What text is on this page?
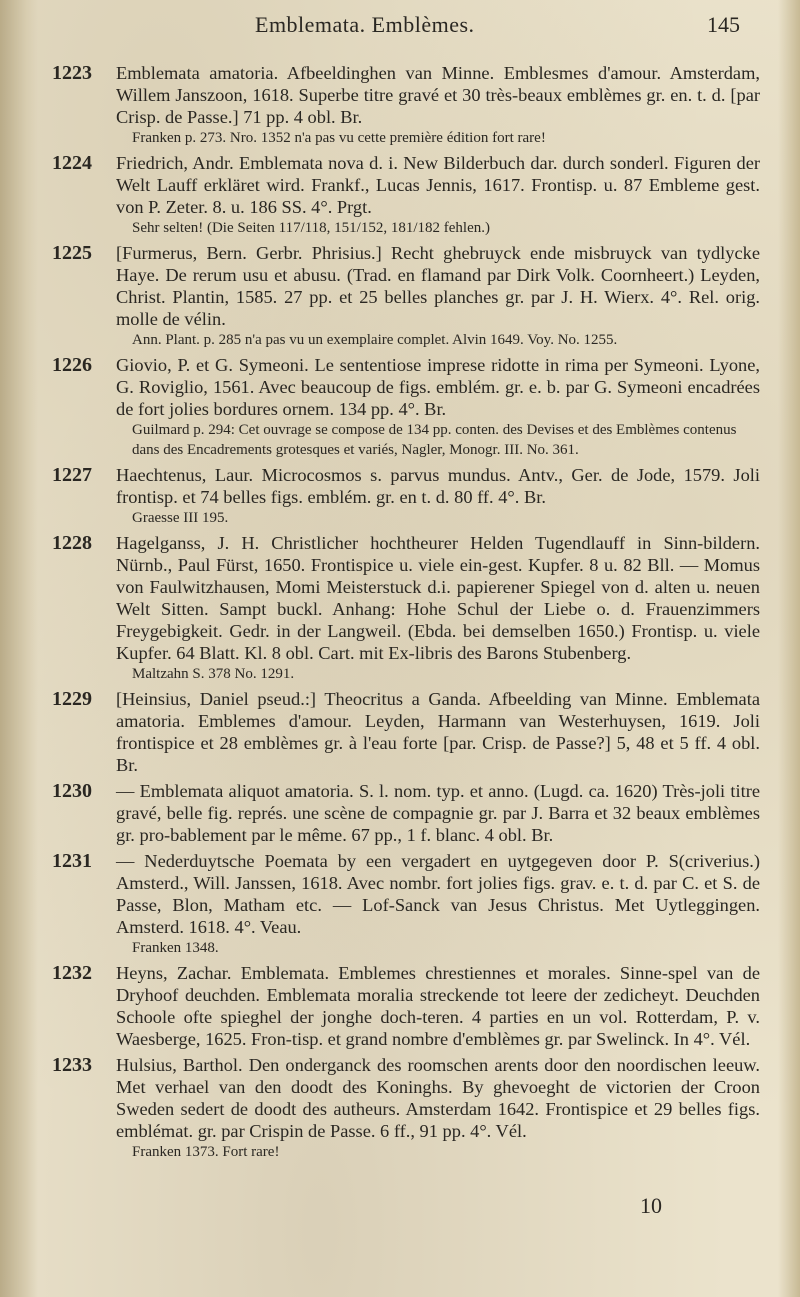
Emblemata. Emblèmes.	145
1223	Emblemata amatoria. Afbeeldinghen van Minne. Emblesmes d'amour. Amsterdam, Willem Janszoon, 1618. Superbe titre gravé et 30 très-beaux emblèmes gr. en. t. d. [par Crisp. de Passe.] 71 pp. 4 obl. Br.
Franken p. 273. Nro. 1352 n'a pas vu cette première édition fort rare!
1224	Friedrich, Andr. Emblemata nova d. i. New Bilderbuch dar. durch sonderl. Figuren der Welt Lauff erkläret wird. Frankf., Lucas Jennis, 1617. Frontisp. u. 87 Embleme gest. von P. Zeter. 8. u. 186 SS. 4°. Prgt.
Sehr selten! (Die Seiten 117/118, 151/152, 181/182 fehlen.)
1225	[Furmerus, Bern. Gerbr. Phrisius.] Recht ghebruyck ende misbruyck van tydlycke Haye. De rerum usu et abusu. (Trad. en flamand par Dirk Volk. Coornheert.) Leyden, Christ. Plantin, 1585. 27 pp. et 25 belles planches gr. par J. H. Wierx. 4°. Rel. orig. molle de vélin.
Ann. Plant. p. 285 n'a pas vu un exemplaire complet. Alvin 1649. Voy. No. 1255.
1226	Giovio, P. et G. Symeoni. Le sententiose imprese ridotte in rima per Symeoni. Lyone, G. Roviglio, 1561. Avec beaucoup de figs. emblém. gr. e. b. par G. Symeoni encadrées de fort jolies bordures ornem. 134 pp. 4°. Br.
Guilmard p. 294: Cet ouvrage se compose de 134 pp. conten. des Devises et des Emblèmes contenus dans des Encadrements grotesques et variés, Nagler, Monogr. III. No. 361.
1227	Haechtenus, Laur. Microcosmos s. parvus mundus. Antv., Ger. de Jode, 1579. Joli frontisp. et 74 belles figs. emblém. gr. en t. d. 80 ff. 4°. Br.
Graesse III 195.
1228	Hagelganss, J. H. Christlicher hochtheurer Helden Tugendlauff in Sinn-bildern. Nürnb., Paul Fürst, 1650. Frontispice u. viele ein-gest. Kupfer. 8 u. 82 Bll. — Momus von Faulwitzhausen, Momi Meisterstuck d.i. papierener Spiegel von d. alten u. neuen Welt Sitten. Sampt buckl. Anhang: Hohe Schul der Liebe o. d. Frauenzimmers Freygebigkeit. Gedr. in der Langweil. (Ebda. bei demselben 1650.) Frontisp. u. viele Kupfer. 64 Blatt. Kl. 8 obl. Cart. mit Ex-libris des Barons Stubenberg.
Maltzahn S. 378 No. 1291.
1229	[Heinsius, Daniel pseud.:] Theocritus a Ganda. Afbeelding van Minne. Emblemata amatoria. Emblemes d'amour. Leyden, Harmann van Westerhuysen, 1619. Joli frontispice et 28 emblèmes gr. à l'eau forte [par. Crisp. de Passe?] 5, 48 et 5 ff. 4 obl. Br.
1230	— Emblemata aliquot amatoria. S. l. nom. typ. et anno. (Lugd. ca. 1620) Très-joli titre gravé, belle fig. représ. une scène de compagnie gr. par J. Barra et 32 beaux emblèmes gr. pro-bablement par le même. 67 pp., 1 f. blanc. 4 obl. Br.
1231	— Nederduytsche Poemata by een vergadert en uytgegeven door P. S(criverius.) Amsterd., Will. Janssen, 1618. Avec nombr. fort jolies figs. grav. e. t. d. par C. et S. de Passe, Blon, Matham etc. — Lof-Sanck van Jesus Christus. Met Uytleggingen. Amsterd. 1618. 4°. Veau.
Franken 1348.
1232	Heyns, Zachar. Emblemata. Emblemes chrestiennes et morales. Sinne-spel van de Dryhoof deuchden. Emblemata moralia streckende tot leere der zedicheyt. Deuchden Schoole ofte spieghel der jonghe doch-teren. 4 parties en un vol. Rotterdam, P. v. Waesberge, 1625. Fron-tisp. et grand nombre d'emblèmes gr. par Swelinck. In 4°. Vél.
1233	Hulsius, Barthol. Den onderganck des roomschen arents door den noordischen leeuw. Met verhael van den doodt des Koninghs. By ghevoeght de victorien der Croon Sweden sedert de doodt des autheurs. Amsterdam 1642. Frontispice et 29 belles figs. emblémat. gr. par Crispin de Passe. 6 ff., 91 pp. 4°. Vél.
Franken 1373. Fort rare!
10
